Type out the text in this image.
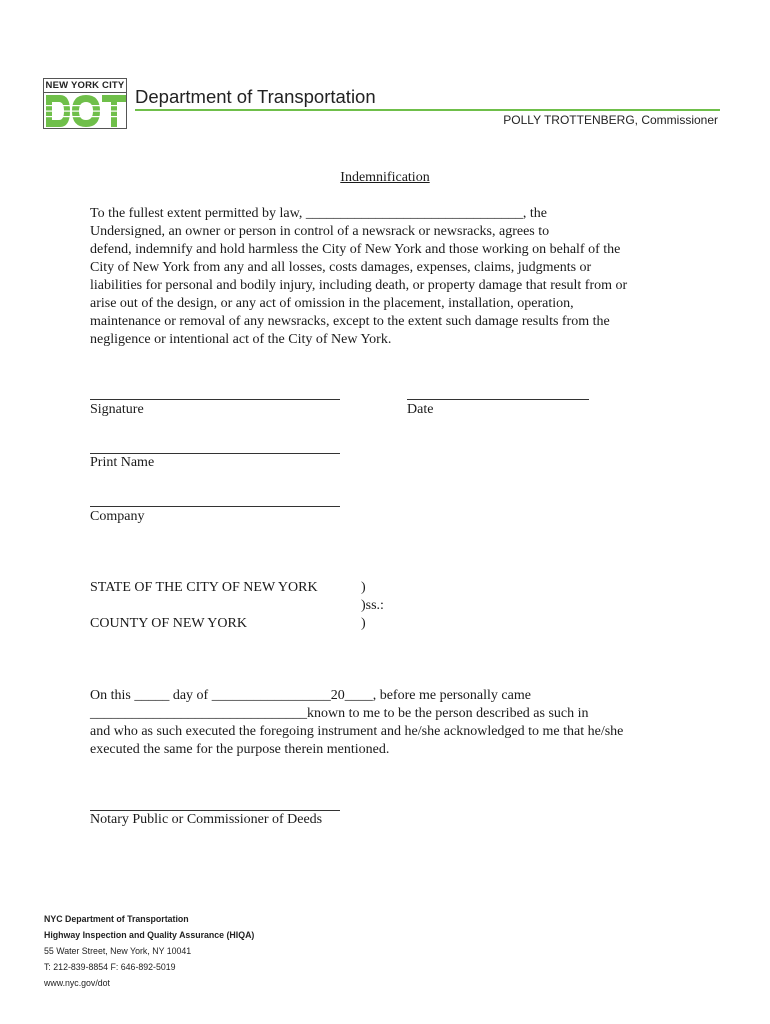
NEW YORK CITY
Department of Transportation
POLLY TROTTENBERG, Commissioner
Indemnification
To the fullest extent permitted by law, _______________________________, the
Undersigned, an owner or person in control of a newsrack or newsracks, agrees to
defend, indemnify and hold harmless the City of New York and those working on behalf of the
City of New York from any and all losses, costs damages, expenses, claims, judgments or
liabilities for personal and bodily injury, including death, or property damage that result from or
arise out of the design, or any act of omission in the placement, installation, operation,
maintenance or removal of any newsracks, except to the extent such damage results from the
negligence or intentional act of the City of New York.
Signature	Date
Print Name
Company
STATE OF THE CITY OF NEW YORK	)
)ss.:
COUNTY OF NEW YORK	)
On this _____ day of _________________20____, before me personally came
_______________________________known to me to be the person described as such in
and who as such executed the foregoing instrument and he/she acknowledged to me that he/she
executed the same for the purpose therein mentioned.
Notary Public or Commissioner of Deeds
NYC Department of Transportation
Highway Inspection and Quality Assurance (HIQA)
55 Water Street, New York, NY 10041
T: 212-839-8854 F: 646-892-5019
www.nyc.gov/dot
